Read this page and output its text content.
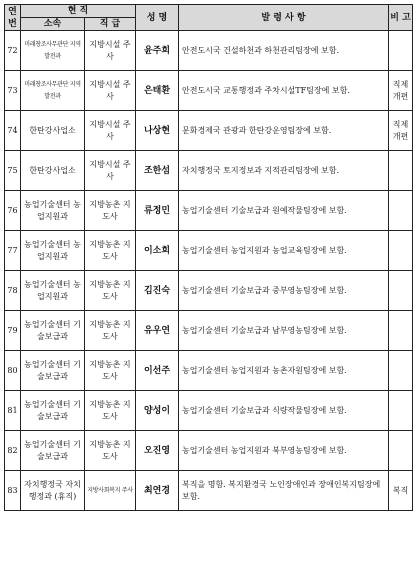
연번	현 직		성 명	발 령 사 항	비 고
	소속	직 급			
72	미래창조사무관단 지역발전과	지방시설 주사	윤주희	안전도시국 건설하천과 하천관리팀장에 보함.	
73	미래창조사무관단 지역발전과	지방시설 주사	은태환	안전도시국 교통행정과 주차시설TF팀장에 보함.	직제 개편
74	한탄강사업소	지방시설 주사	나상현	문화경제국 관광과 한탄강운영팀장에 보함.	직제 개편
75	한탄강사업소	지방시설 주사	조한섬	자치행정국 토지정보과 지적관리팀장에 보함.	
76	농업기술센터 농업지원과	지방농촌 지도사	류정민	농업기술센터 기술보급과 원예작물팀장에 보함.	
77	농업기술센터 농업지원과	지방농촌 지도사	이소희	농업기술센터 농업지원과 농업교육팀장에 보함.	
78	농업기술센터 농업지원과	지방농촌 지도사	김진숙	농업기술센터 기술보급과 중부영농팀장에 보함.	
79	농업기술센터 기술보급과	지방농촌 지도사	유우연	농업기술센터 기술보급과 남부영농팀장에 보함.	
80	농업기술센터 기술보급과	지방농촌 지도사	이선주	농업기술센터 농업지원과 농촌자원팀장에 보함.	
81	농업기술센터 기술보급과	지방농촌 지도사	양성이	농업기술센터 기술보급과 식량작물팀장에 보함.	
82	농업기술센터 기술보급과	지방농촌 지도사	오진영	농업기술센터 농업지원과 북부영농팀장에 보함.	
83	자치행정국 자치행정과 (휴직)	지방사회복지 주사	최연경	복직을 명함. 복지환경국 노인장애인과 장애인복지팀장에 보함.	복직
